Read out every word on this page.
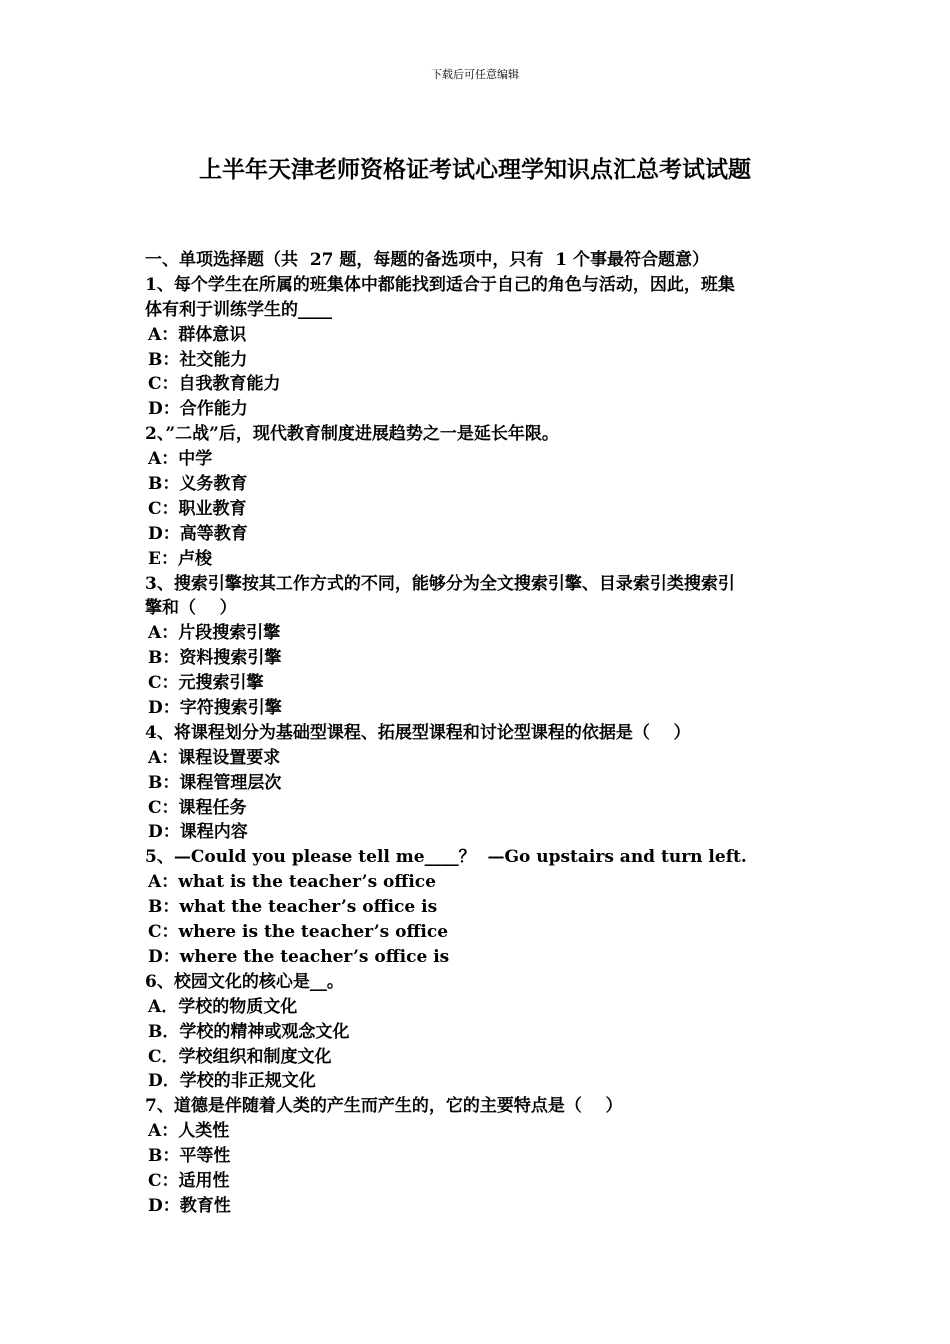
下载后可任意编辑
上半年天津老师资格证考试心理学知识点汇总考试试题
一、单项选择题（共  27 题，每题的备选项中，只有  1 个事最符合题意）
1、每个学生在所属的班集体中都能找到适合于自己的角色与活动，因此，班集
体有利于训练学生的____
A：群体意识
B：社交能力
C：自我教育能力
D：合作能力
2、”二战”后，现代教育制度进展趋势之一是延长年限。
A：中学
B：义务教育
C：职业教育
D：高等教育
E：卢梭
3、搜索引擎按其工作方式的不同，能够分为全文搜索引擎、目录索引类搜索引
擎和（    ）
A：片段搜索引擎
B：资料搜索引擎
C：元搜索引擎
D：字符搜索引擎
4、将课程划分为基础型课程、拓展型课程和讨论型课程的依据是（    ）
A：课程设置要求
B：课程管理层次
C：课程任务
D：课程内容
5、—Could you please tell me____？  —Go upstairs and turn left.
A：what is the teacher’s office
B：what the teacher’s office is
C：where is the teacher’s office
D：where the teacher’s office is
6、校园文化的核心是__。
A．学校的物质文化
B．学校的精神或观念文化
C．学校组织和制度文化
D．学校的非正规文化
7、道德是伴随着人类的产生而产生的，它的主要特点是（    ）
A：人类性
B：平等性
C：适用性
D：教育性
